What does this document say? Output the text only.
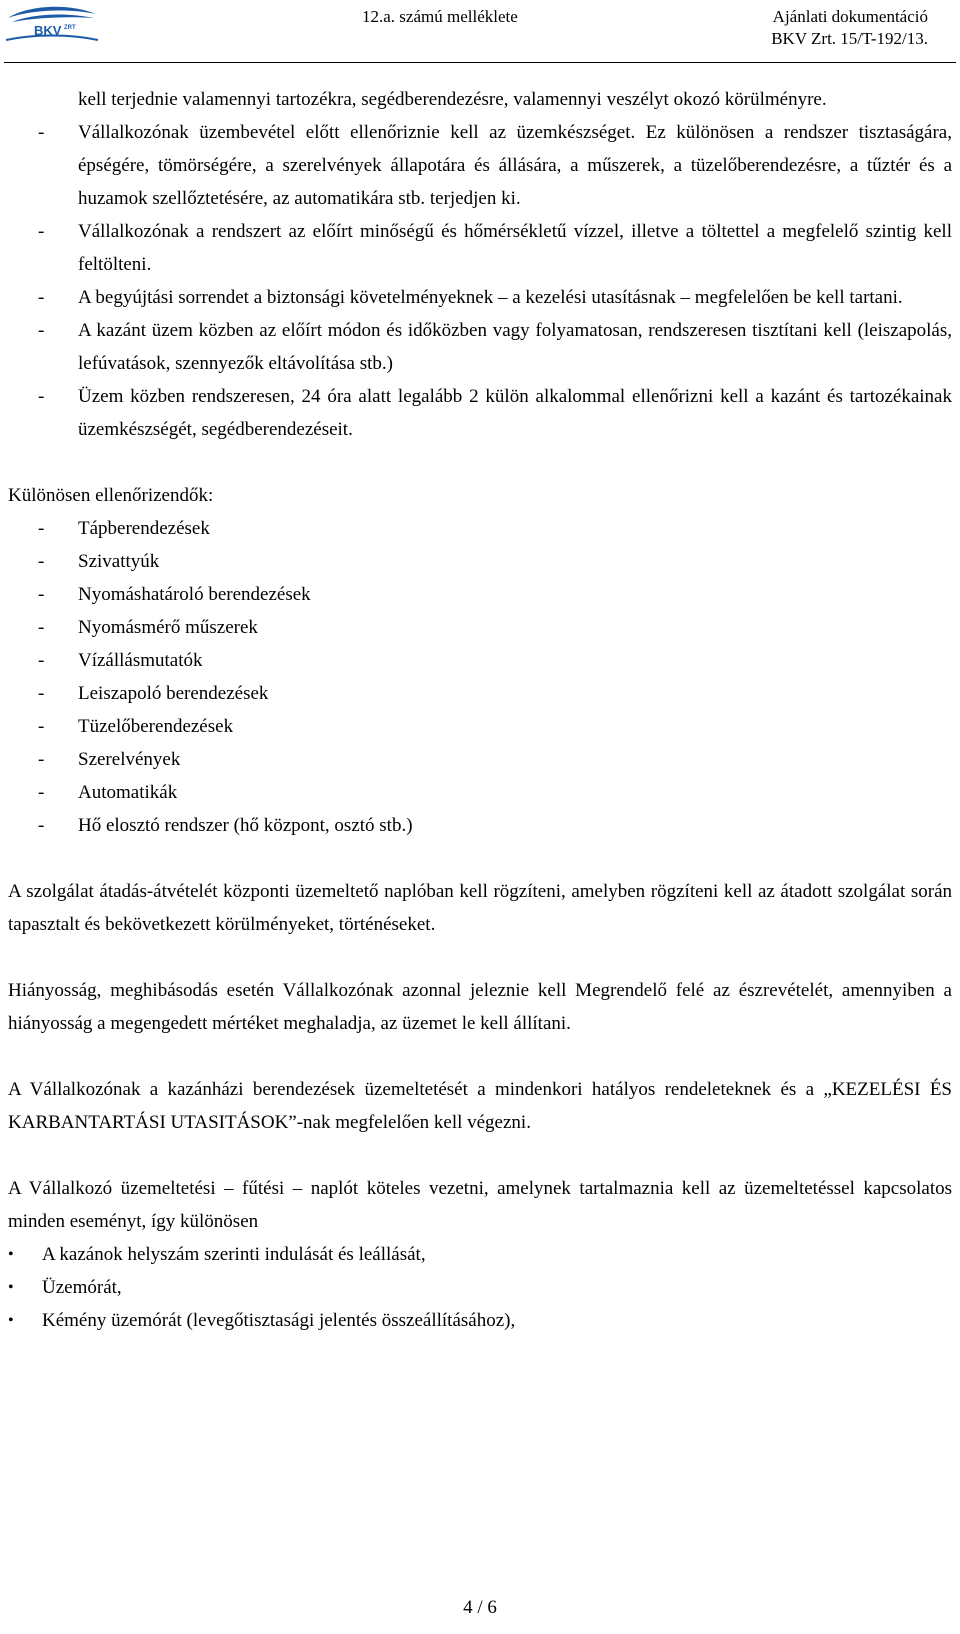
BKV ZRT
12.a. számú melléklete	Ajánlati dokumentáció
BKV Zrt. 15/T-192/13.

kell terjednie valamennyi tartozékra, segédberendezésre, valamennyi veszélyt okozó körülményre.

- Vállalkozónak üzembevétel előtt ellenőriznie kell az üzemkészséget. Ez különösen a rendszer tisztaságára, épségére, tömörségére, a szerelvények állapotára és állására, a műszerek, a tüzelőberendezésre, a tűztér és a huzamok szellőztetésére, az automatikára stb. terjedjen ki.
- Vállalkozónak a rendszert az előírt minőségű és hőmérsékletű vízzel, illetve a töltettel a megfelelő szintig kell feltölteni.
- A begyújtási sorrendet a biztonsági követelményeknek – a kezelési utasításnak – megfelelően be kell tartani.
- A kazánt üzem közben az előírt módon és időközben vagy folyamatosan, rendszeresen tisztítani kell (leiszapolás, lefúvatások, szennyezők eltávolítása stb.)
- Üzem közben rendszeresen, 24 óra alatt legalább 2 külön alkalommal ellenőrizni kell a kazánt és tartozékainak üzemkészségét, segédberendezéseit.

Különösen ellenőrizendők:

- Tápberendezések
- Szivattyúk
- Nyomáshatároló berendezések
- Nyomásmérő műszerek
- Vízállásmutatók
- Leiszapoló berendezések
- Tüzelőberendezések
- Szerelvények
- Automatikák
- Hő elosztó rendszer (hő központ, osztó stb.)

A szolgálat átadás-átvételét központi üzemeltető naplóban kell rögzíteni, amelyben rögzíteni kell az átadott szolgálat során tapasztalt és bekövetkezett körülményeket, történéseket.

Hiányosság, meghibásodás esetén Vállalkozónak azonnal jeleznie kell Megrendelő felé az észrevételét, amennyiben a hiányosság a megengedett mértéket meghaladja, az üzemet le kell állítani.

A Vállalkozónak a kazánházi berendezések üzemeltetését a mindenkori hatályos rendeleteknek és a „KEZELÉSI ÉS KARBANTARTÁSI UTASITÁSOK”-nak megfelelően kell végezni.

A Vállalkozó üzemeltetési – fűtési – naplót köteles vezetni, amelynek tartalmaznia kell az üzemeltetéssel kapcsolatos minden eseményt, így különösen

• A kazánok helyszám szerinti indulását és leállását,
• Üzemórát,
• Kémény üzemórát (levegőtisztasági jelentés összeállításához),
4 / 6
